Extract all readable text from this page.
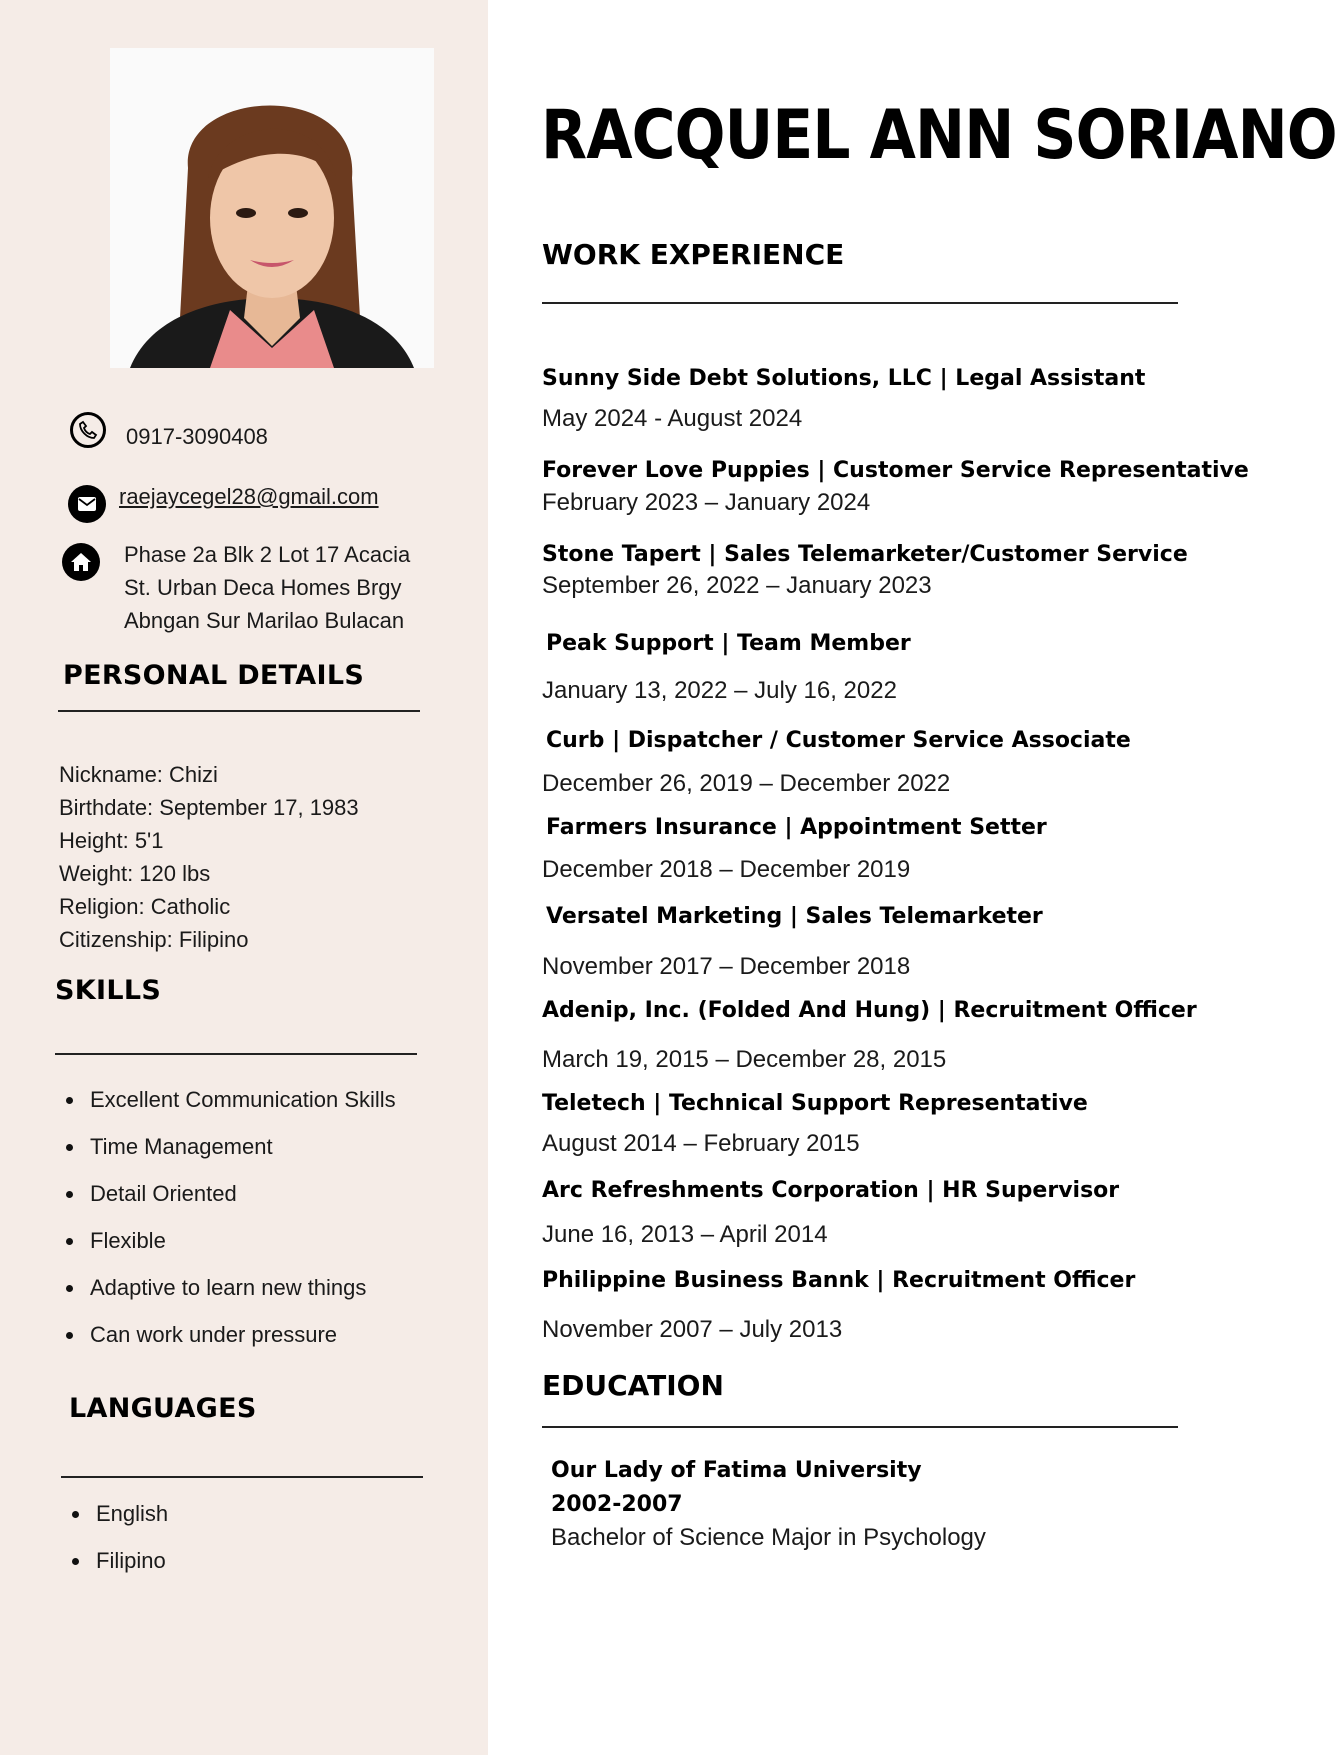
0917-3090408
raejaycegel28@gmail.com
Phase 2a Blk 2 Lot 17 Acacia
St. Urban Deca Homes Brgy
Abngan Sur Marilao Bulacan
PERSONAL DETAILS
Nickname: Chizi
Birthdate: September 17, 1983
Height: 5'1
Weight: 120 lbs
Religion: Catholic
Citizenship: Filipino
SKILLS
Excellent Communication Skills
Time Management
Detail Oriented
Flexible
Adaptive to learn new things
Can work under pressure
LANGUAGES
English
Filipino
RACQUEL ANN SORIANO
WORK EXPERIENCE
Sunny Side Debt Solutions, LLC | Legal Assistant
May 2024 - August 2024
Forever Love Puppies | Customer Service Representative
February 2023 – January 2024
Stone Tapert | Sales Telemarketer/Customer Service
September 26, 2022 – January 2023
Peak Support | Team Member
January 13, 2022 – July 16, 2022
Curb | Dispatcher / Customer Service Associate
December 26, 2019 – December 2022
Farmers Insurance | Appointment Setter
December 2018 – December 2019
Versatel Marketing | Sales Telemarketer
November 2017 – December 2018
Adenip, Inc. (Folded And Hung) | Recruitment Officer
March 19, 2015 – December 28, 2015
Teletech | Technical Support Representative
August 2014 – February 2015
Arc Refreshments Corporation | HR Supervisor
June 16, 2013 – April 2014
Philippine Business Bannk | Recruitment Officer
November 2007 – July 2013
EDUCATION
Our Lady of Fatima University
2002-2007
Bachelor of Science Major in Psychology
